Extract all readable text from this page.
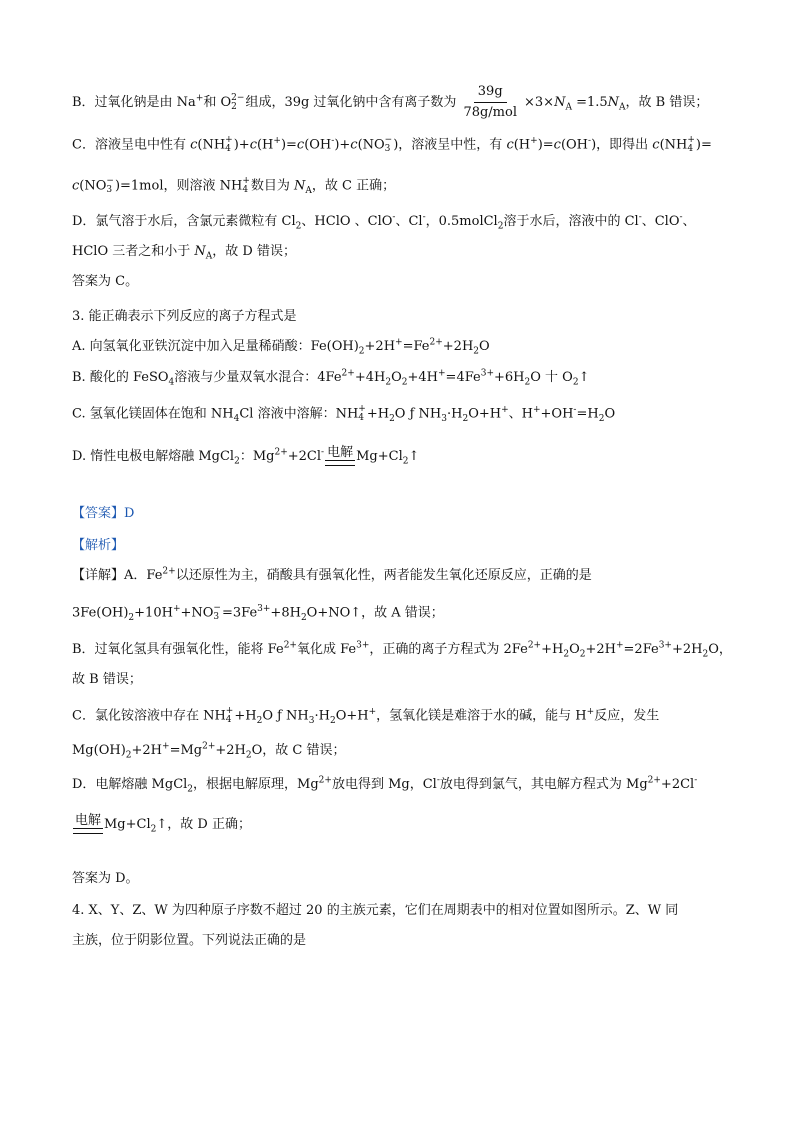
B．过氧化钠是由 Na+和 O 2−
2 组成，39g 过氧化钠中含有离子数为 $\frac{39g}{\text{78g/mol}} \times 3\times N_A =1.5N_A$，故 B 错误；
C．溶液呈电中性有 c(NH +
4 )+c(H+)=c(OH-)+c(NO −
3 )，溶液呈中性，有 c(H+)=c(OH-)，即得出 c(NH +
4 )=
c(NO −
3 )=1mol，则溶液 NH +
4 数目为 $N_A$，故 C 正确；
D．氯气溶于水后，含氯元素微粒有 $Cl_2$、HClO 、ClO-、Cl-，0.5molCl$_2$溶于水后，溶液中的 Cl-、ClO-、
HClO 三者之和小于 $N_A$，故 D 错误；
答案为 C。
3. 能正确表示下列反应的离子方程式是
A. 向氢氧化亚铁沉淀中加入足量稀硝酸：$Fe(OH)_2+2H^+=Fe^{2+}+2H_2O$
B. 酸化的 FeSO$_4$溶液与少量双氧水混合：$4Fe^{2+}+4H_2O_2+4H^+=4Fe^{3+}+6H_2O$ 十 $O_2↑$
C. 氢氧化镁固体在饱和 $NH_4Cl$ 溶液中溶解：NH +
$4 +H_2O$ ƒ $NH_3\cdot H_2O+H^+$、$H^++OH^-=H_2O$
D. 惰性电极电解熔融 MgCl$_2$：$Mg^{2+}+2Cl^-$ 电解 $Mg+Cl_2↑$
【答案】D
【解析】
【详解】A．$Fe^{2+}$以还原性为主，硝酸具有强氧化性，两者能发生氧化还原反应，正确的是
$3Fe(OH)_2+10H^++NO$ −
$3 =3Fe^{3+}+8H_2O+NO↑$，故 A 错误；
B．过氧化氢具有强氧化性，能将 $Fe^{2+}$氧化成 $Fe^{3+}$，正确的离子方程式为 $2Fe^{2+}+H_2O_2+2H^+=2Fe^{3+}+2H_2O$，
故 B 错误；
C．氯化铵溶液中存在 NH +
$4 +H_2O$ ƒ $NH_3\cdot H_2O+H^+$，氢氧化镁是难溶于水的碱，能与 H+反应，发生
$Mg(OH)_2+2H^+=Mg^{2+}+2H_2O$，故 C 错误；
D．电解熔融 MgCl$_2$，根据电解原理，$Mg^{2+}$放电得到 Mg，Cl-放电得到氯气，其电解方程式为 $Mg^{2+}+2Cl^-$
电解 $Mg+Cl_2↑$，故 D 正确；
答案为 D。
4. X、Y、Z、W 为四种原子序数不超过 20 的主族元素，它们在周期表中的相对位置如图所示。Z、W 同
主族，位于阴影位置。下列说法正确的是
